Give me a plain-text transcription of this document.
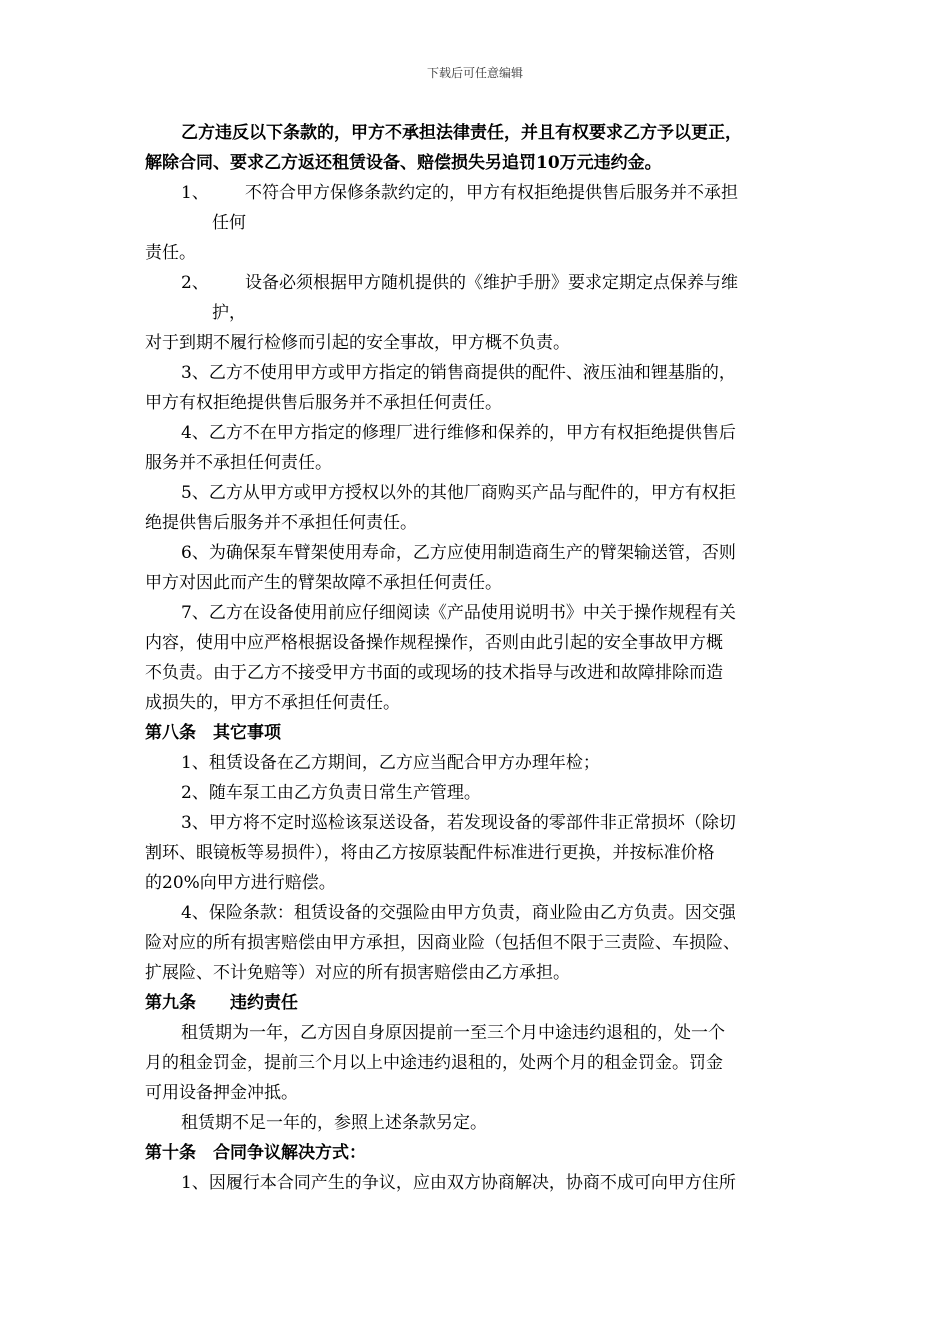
下载后可任意编辑
乙方违反以下条款的，甲方不承担法律责任，并且有权要求乙方予以更正，
解除合同、要求乙方返还租赁设备、赔偿损失另追罚10万元违约金。
1、 不符合甲方保修条款约定的，甲方有权拒绝提供售后服务并不承担
任何
责任。
2、 设备必须根据甲方随机提供的《维护手册》要求定期定点保养与维
护，
对于到期不履行检修而引起的安全事故，甲方概不负责。
3、乙方不使用甲方或甲方指定的销售商提供的配件、液压油和锂基脂的，
甲方有权拒绝提供售后服务并不承担任何责任。
4、乙方不在甲方指定的修理厂进行维修和保养的，甲方有权拒绝提供售后
服务并不承担任何责任。
5、乙方从甲方或甲方授权以外的其他厂商购买产品与配件的，甲方有权拒
绝提供售后服务并不承担任何责任。
6、为确保泵车臂架使用寿命，乙方应使用制造商生产的臂架输送管，否则
甲方对因此而产生的臂架故障不承担任何责任。
7、乙方在设备使用前应仔细阅读《产品使用说明书》中关于操作规程有关
内容，使用中应严格根据设备操作规程操作，否则由此引起的安全事故甲方概
不负责。由于乙方不接受甲方书面的或现场的技术指导与改进和故障排除而造
成损失的，甲方不承担任何责任。
第八条　其它事项
1、租赁设备在乙方期间，乙方应当配合甲方办理年检；
2、随车泵工由乙方负责日常生产管理。
3、甲方将不定时巡检该泵送设备，若发现设备的零部件非正常损坏（除切
割环、眼镜板等易损件），将由乙方按原装配件标准进行更换，并按标准价格
的20%向甲方进行赔偿。
4、保险条款：租赁设备的交强险由甲方负责，商业险由乙方负责。因交强
险对应的所有损害赔偿由甲方承担，因商业险（包括但不限于三责险、车损险、
扩展险、不计免赔等）对应的所有损害赔偿由乙方承担。
第九条　　违约责任
租赁期为一年，乙方因自身原因提前一至三个月中途违约退租的，处一个
月的租金罚金，提前三个月以上中途违约退租的，处两个月的租金罚金。罚金
可用设备押金冲抵。
租赁期不足一年的，参照上述条款另定。
第十条　合同争议解决方式：
1、因履行本合同产生的争议，应由双方协商解决，协商不成可向甲方住所
